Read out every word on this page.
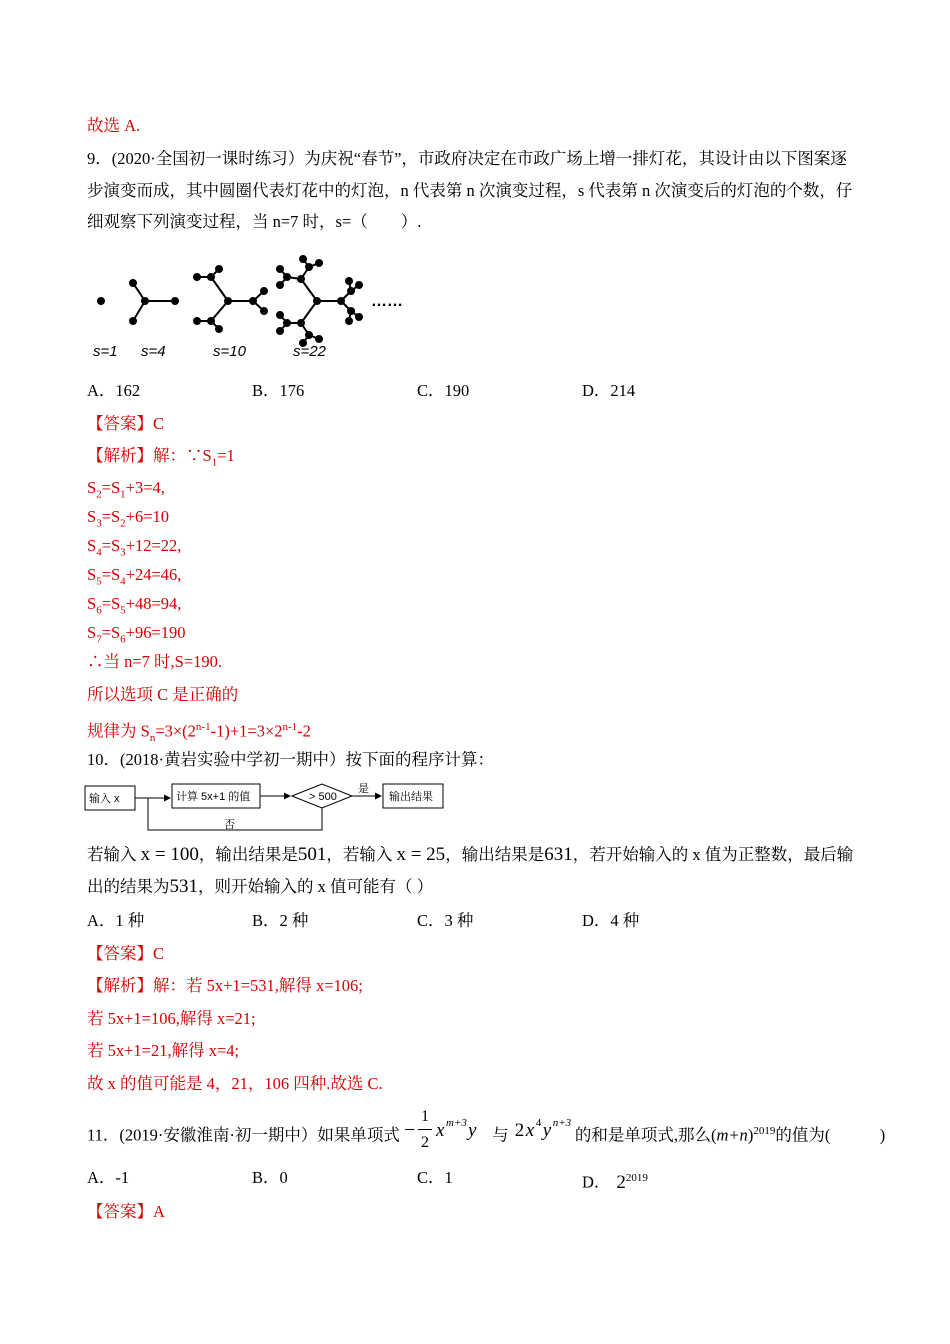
故选 A.
9．(2020·全国初一课时练习）为庆祝“春节”，市政府决定在市政广场上增一排灯花，其设计由以下图案逐
步演变而成，其中圆圈代表灯花中的灯泡，n 代表第 n 次演变过程，s 代表第 n 次演变后的灯泡的个数，仔
细观察下列演变过程，当 n=7 时，s=（　　）.
……
s=1 s=4	s=10	s=22
A．162	B．176	C．190	D．214
【答案】C
【解析】解：$\because S_1=1$
$S_2=S_1+3=4$,
$S_3=S_2+6=10$
$S_4=S_3+12=22$,
$S_5=S_4+24=46$,
$S_6=S_5+48=94$,
$S_7=S_6+96=190$
∴当 n=7 时,S=190.
所以选项 C 是正确的
规律为 $S_n=3\times(2^{n-1}-1)+1=3\times 2^{n-1}-2$
10．(2018·黄岩实验中学初一期中）按下面的程序计算：
输入 x	计算 5x+1 的值	> 500
是
否
输出结果
若输入 x = 100，输出结果是501，若输入 x = 25，输出结果是631，若开始输入的 x 值为正整数，最后输
出的结果为531，则开始输入的 x 值可能有（ ）
A．1 种	B．2 种	C．3 种	D．4 种
【答案】C
【解析】解：若 5x+1=531,解得 x=106;
若 5x+1=106,解得 x=21;
若 5x+1=21,解得 x=4;
故 x 的值可能是 4，21，106 四种.故选 C.
11．(2019·安徽淮南·初一期中）如果单项式 −
1
2
x m+3 y 与 2 x 4 y n+3
的和是单项式,那么$(m+n)^{2019}$的值为(　　　)
A．-1	B．0	C．1	D． $2^{2019}$
【答案】A
